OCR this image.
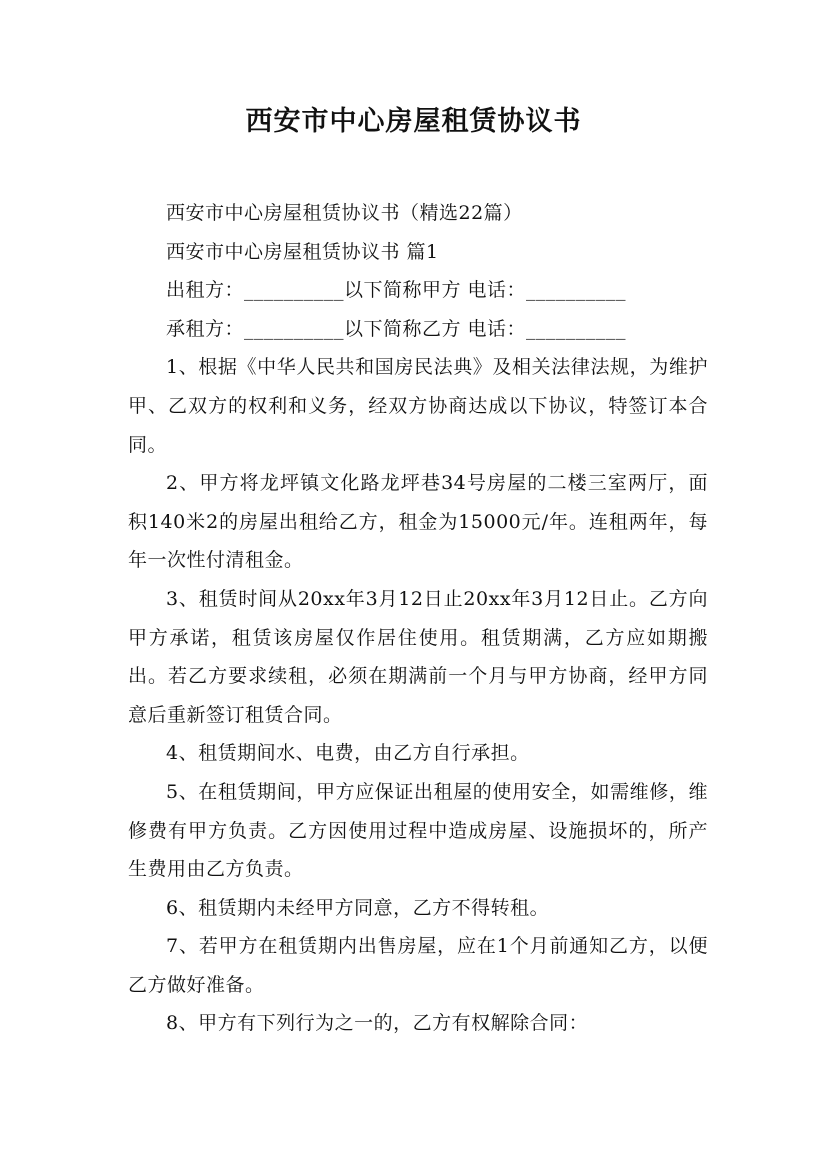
西安市中心房屋租赁协议书

西安市中心房屋租赁协议书（精选22篇）

西安市中心房屋租赁协议书 篇1

出租方：__________以下简称甲方 电话：__________

承租方：__________以下简称乙方 电话：__________

1、根据《中华人民共和国房民法典》及相关法律法规，为维护甲、乙双方的权利和义务，经双方协商达成以下协议，特签订本合同。

2、甲方将龙坪镇文化路龙坪巷34号房屋的二楼三室两厅，面积140米2的房屋出租给乙方，租金为15000元/年。连租两年，每年一次性付清租金。

3、租赁时间从20xx年3月12日止20xx年3月12日止。乙方向甲方承诺，租赁该房屋仅作居住使用。租赁期满，乙方应如期搬出。若乙方要求续租，必须在期满前一个月与甲方协商，经甲方同意后重新签订租赁合同。

4、租赁期间水、电费，由乙方自行承担。

5、在租赁期间，甲方应保证出租屋的使用安全，如需维修，维修费有甲方负责。乙方因使用过程中造成房屋、设施损坏的，所产生费用由乙方负责。

6、租赁期内未经甲方同意，乙方不得转租。

7、若甲方在租赁期内出售房屋，应在1个月前通知乙方，以便乙方做好准备。

8、甲方有下列行为之一的，乙方有权解除合同：
